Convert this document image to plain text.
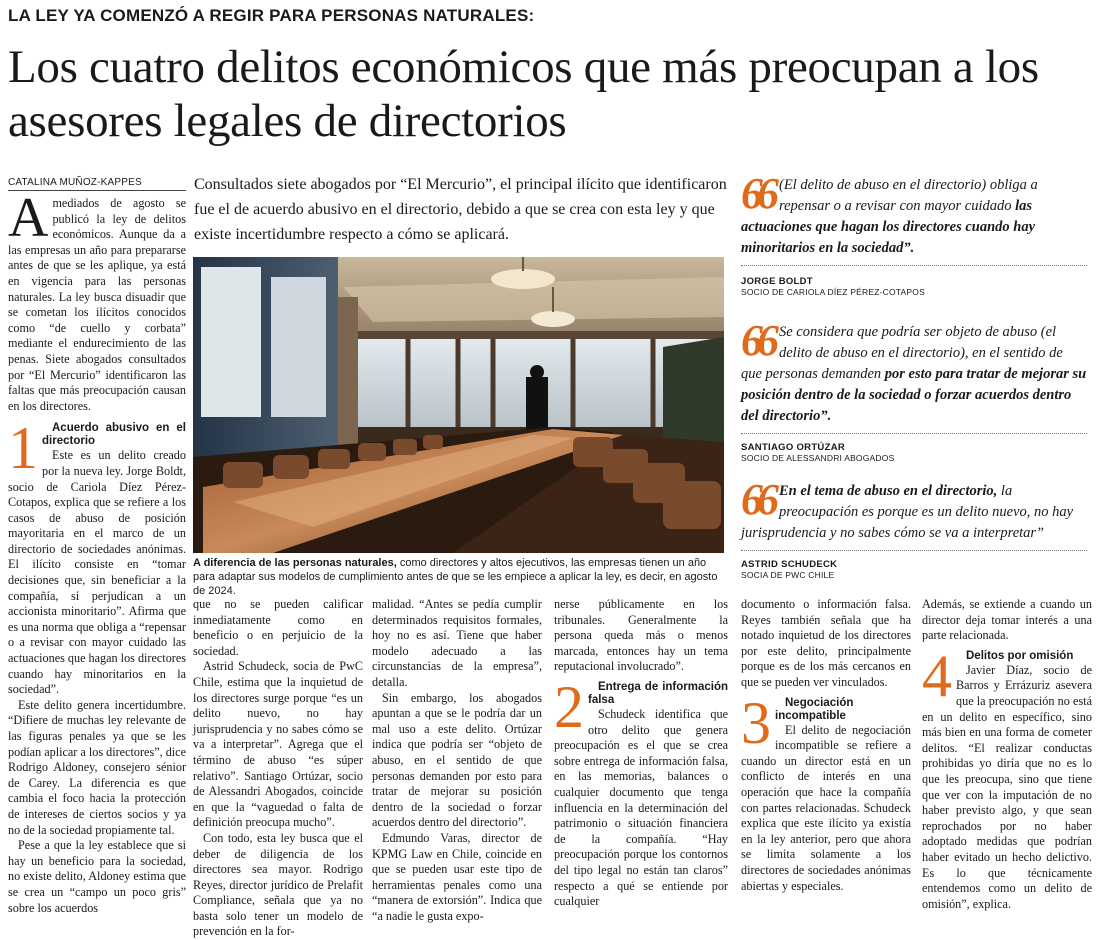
LA LEY YA COMENZÓ A REGIR PARA PERSONAS NATURALES:
Los cuatro delitos económicos que más preocupan a los asesores legales de directorios
CATALINA MUÑOZ-KAPPES	Consultados siete abogados por “El Mercurio”, el principal ilícito que identificaron fue el de acuerdo abusivo en el directorio, debido a que se crea con esta ley y que existe incertidumbre respecto a cómo se aplicará.
A diferencia de las personas naturales, como directores y altos ejecutivos, las empresas tienen un año para adaptar sus modelos de cumplimiento antes de que se les empiece a aplicar la ley, es decir, en agosto de 2024.

Amediados de agosto se publicó la ley de delitos económicos. Aunque da a las empresas un año para prepararse antes de que se les aplique, ya está en vigencia para las personas naturales. La ley busca disuadir que se cometan los ilícitos conocidos como “de cuello y corbata” mediante el endurecimiento de las penas. Siete abogados consultados por “El Mercurio” identificaron las faltas que más preocupación causan en los directores.

1	Acuerdo abusivo en el directorio

Este es un delito creado por la nueva ley. Jorge Boldt, socio de Cariola Díez Pérez-Cotapos, explica que se refiere a los casos de abuso de posición mayoritaria en el marco de un directorio de sociedades anónimas. El ilícito consiste en “tomar decisiones que, sin beneficiar a la compañía, sí perjudican a un accionista minoritario”. Afirma que es una norma que obliga a “repensar o a revisar con mayor cuidado las actuaciones que hagan los directores cuando hay minoritarios en la sociedad”.

Este delito genera incertidumbre. “Difiere de muchas ley relevante de las figuras penales ya que se les podían aplicar a los directores”, dice Rodrigo Aldoney, consejero sénior de Carey. La diferencia es que cambia el foco hacia la protección de intereses de ciertos socios y ya no de la sociedad propiamente tal.

Pese a que la ley establece que si hay un beneficio para la sociedad, no existe delito, Aldoney estima que se crea un “campo un poco gris” sobre los acuerdos

que no se pueden calificar inmediatamente como en beneficio o en perjuicio de la sociedad.

Astrid Schudeck, socia de PwC Chile, estima que la inquietud de los directores surge porque “es un delito nuevo, no hay jurisprudencia y no sabes cómo se va a interpretar”. Agrega que el término de abuso “es súper relativo”. Santiago Ortúzar, socio de Alessandri Abogados, coincide en que la “vaguedad o falta de definición preocupa mucho”.

Con todo, esta ley busca que el deber de diligencia de los directores sea mayor. Rodrigo Reyes, director jurídico de Prelafit Compliance, señala que ya no basta solo tener un modelo de prevención en la for-

malidad. “Antes se pedía cumplir determinados requisitos formales, hoy no es así. Tiene que haber modelo adecuado a las circunstancias de la empresa”, detalla.

Sin embargo, los abogados apuntan a que se le podría dar un mal uso a este delito. Ortúzar indica que podría ser “objeto de abuso, en el sentido de que personas demanden por esto para tratar de mejorar su posición dentro de la sociedad o forzar acuerdos dentro del directorio”.

Edmundo Varas, director de KPMG Law en Chile, coincide en que se pueden usar este tipo de herramientas penales como una “manera de extorsión”. Indica que “a nadie le gusta expo-

nerse públicamente en los tribunales. Generalmente la persona queda más o menos marcada, entonces hay un tema reputacional involucrado”.

2	Entrega de información falsa

Schudeck identifica que otro delito que genera preocupación es el que se crea sobre entrega de información falsa, en las memorias, balances o cualquier documento que tenga influencia en la determinación del patrimonio o situación financiera de la compañía. “Hay preocupación porque los contornos del tipo legal no están tan claros” respecto a qué se entiende por cualquier

documento o información falsa. Reyes también señala que ha notado inquietud de los directores por este delito, principalmente porque es de los más cercanos en que se pueden ver vinculados.

3	Negociación incompatible

El delito de negociación incompatible se refiere a cuando un director está en un conflicto de interés en una operación que hace la compañía con partes relacionadas. Schudeck explica que este ilícito ya existía en la ley anterior, pero que ahora se limita solamente a los directores de sociedades anónimas abiertas y especiales.

Además, se extiende a cuando un director deja tomar interés a una parte relacionada.

4	Delitos por omisión

Javier Díaz, socio de Barros y Errázuriz asevera que la preocupación no está en un delito en específico, sino más bien en una forma de cometer delitos. “El realizar conductas prohibidas yo diría que no es lo que les preocupa, sino que tiene que ver con la imputación de no haber previsto algo, y que sean reprochados por no haber adoptado medidas que podrían haber evitado un hecho delictivo. Es lo que técnicamente entendemos como un delito de omisión”, explica.

66 (El delito de abuso en el directorio) obliga a repensar o a revisar con mayor cuidado las actuaciones que hagan los directores cuando hay minoritarios en la sociedad”.
JORGE BOLDT
SOCIO DE CARIOLA DÍEZ PÉREZ-COTAPOS
66 Se considera que podría ser objeto de abuso (el delito de abuso en el directorio), en el sentido de que personas demanden por esto para tratar de mejorar su posición dentro de la sociedad o forzar acuerdos dentro del directorio”.
SANTIAGO ORTÚZAR
SOCIO DE ALESSANDRI ABOGADOS
66 En el tema de abuso en el directorio, la preocupación es porque es un delito nuevo, no hay jurisprudencia y no sabes cómo se va a interpretar”
ASTRID SCHUDECK
SOCIA DE PWC CHILE
